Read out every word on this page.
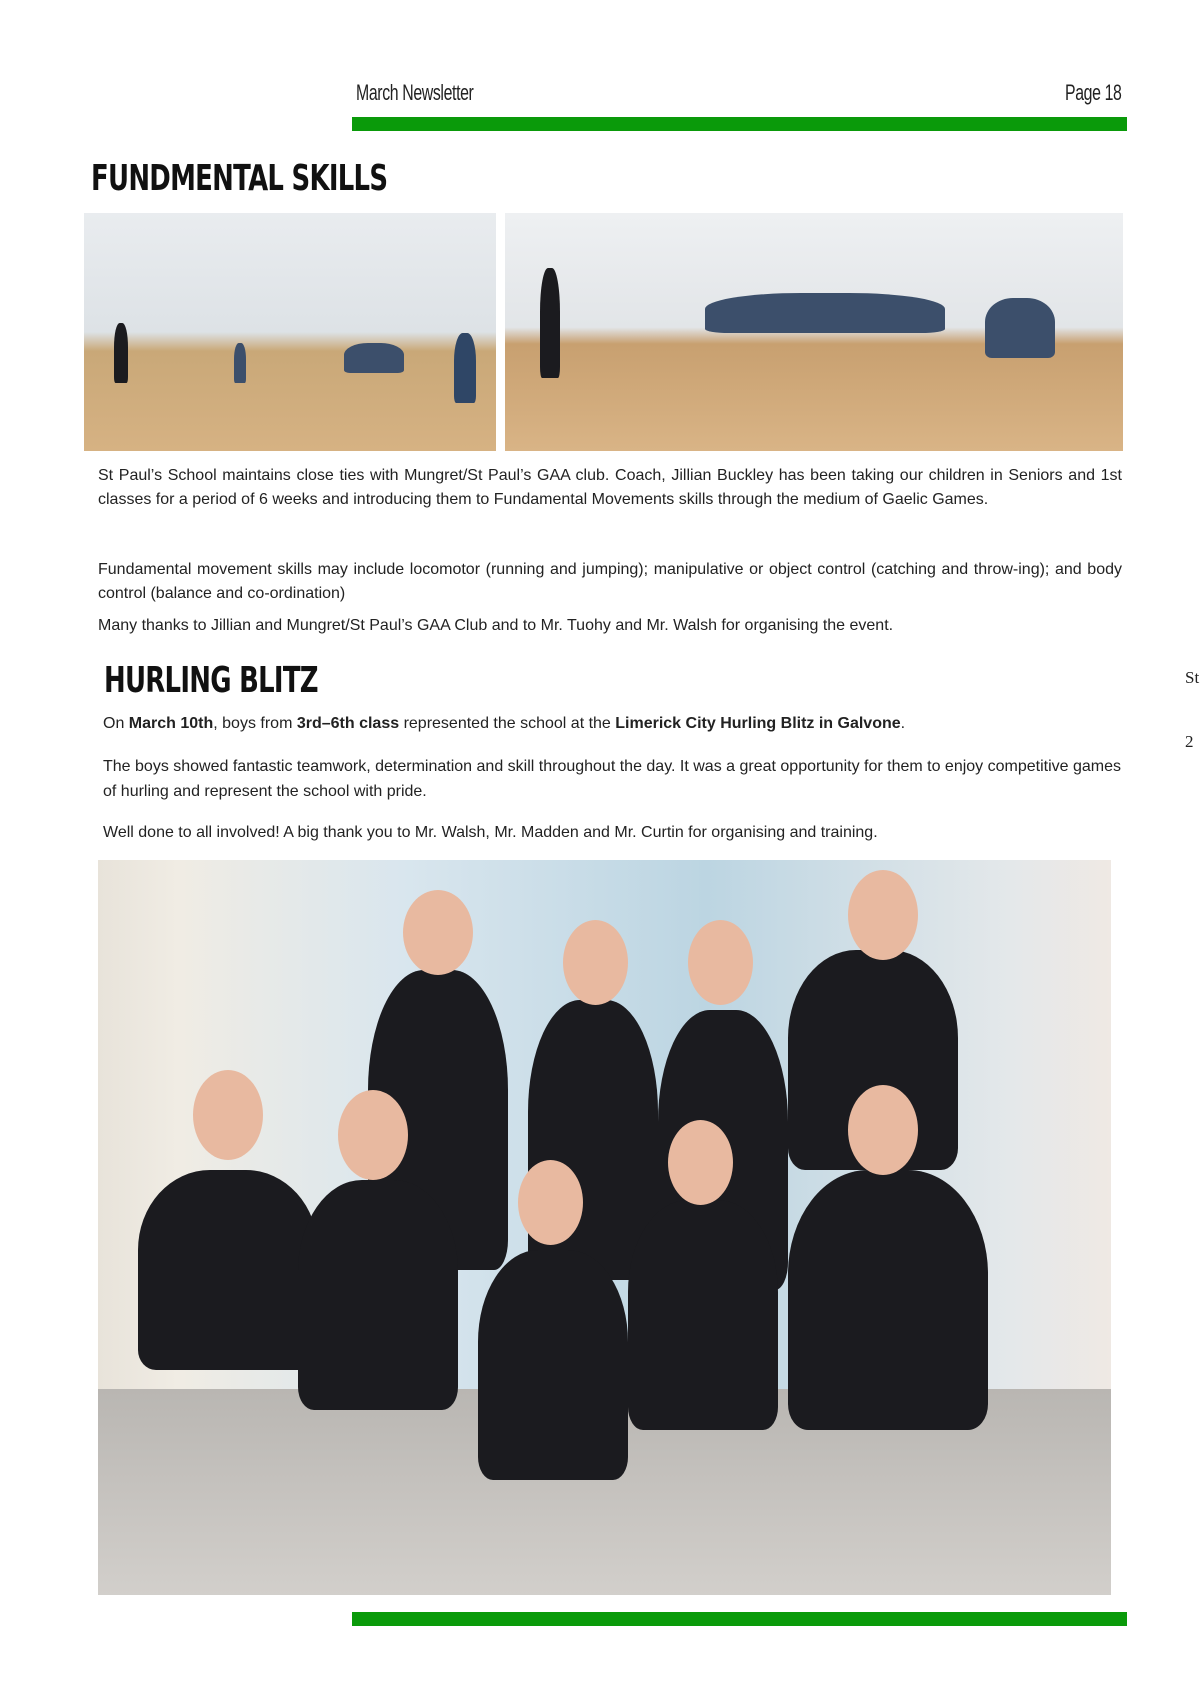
March Newsletter	Page 18
FUNDMENTAL SKILLS
St Paul’s School maintains close ties with Mungret/St Paul’s GAA club. Coach, Jillian Buckley has been taking our children in Seniors and 1st classes for a period of 6 weeks and introducing them to Fundamental Movements skills through the medium of Gaelic Games.
Fundamental movement skills may include locomotor (running and jumping); manipulative or object control (catching and throw-ing); and body control (balance and co-ordination)
Many thanks to Jillian and Mungret/St Paul’s GAA Club and to Mr. Tuohy and Mr. Walsh for organising the event.
HURLING BLITZ
On March 10th, boys from 3rd–6th class represented the school at the Limerick City Hurling Blitz in Galvone.
The boys showed fantastic teamwork, determination and skill throughout the day. It was a great opportunity for them to enjoy competitive games of hurling and represent the school with pride.
Well done to all involved! A big thank you to Mr. Walsh, Mr. Madden and Mr. Curtin for organising and training.
St
2
